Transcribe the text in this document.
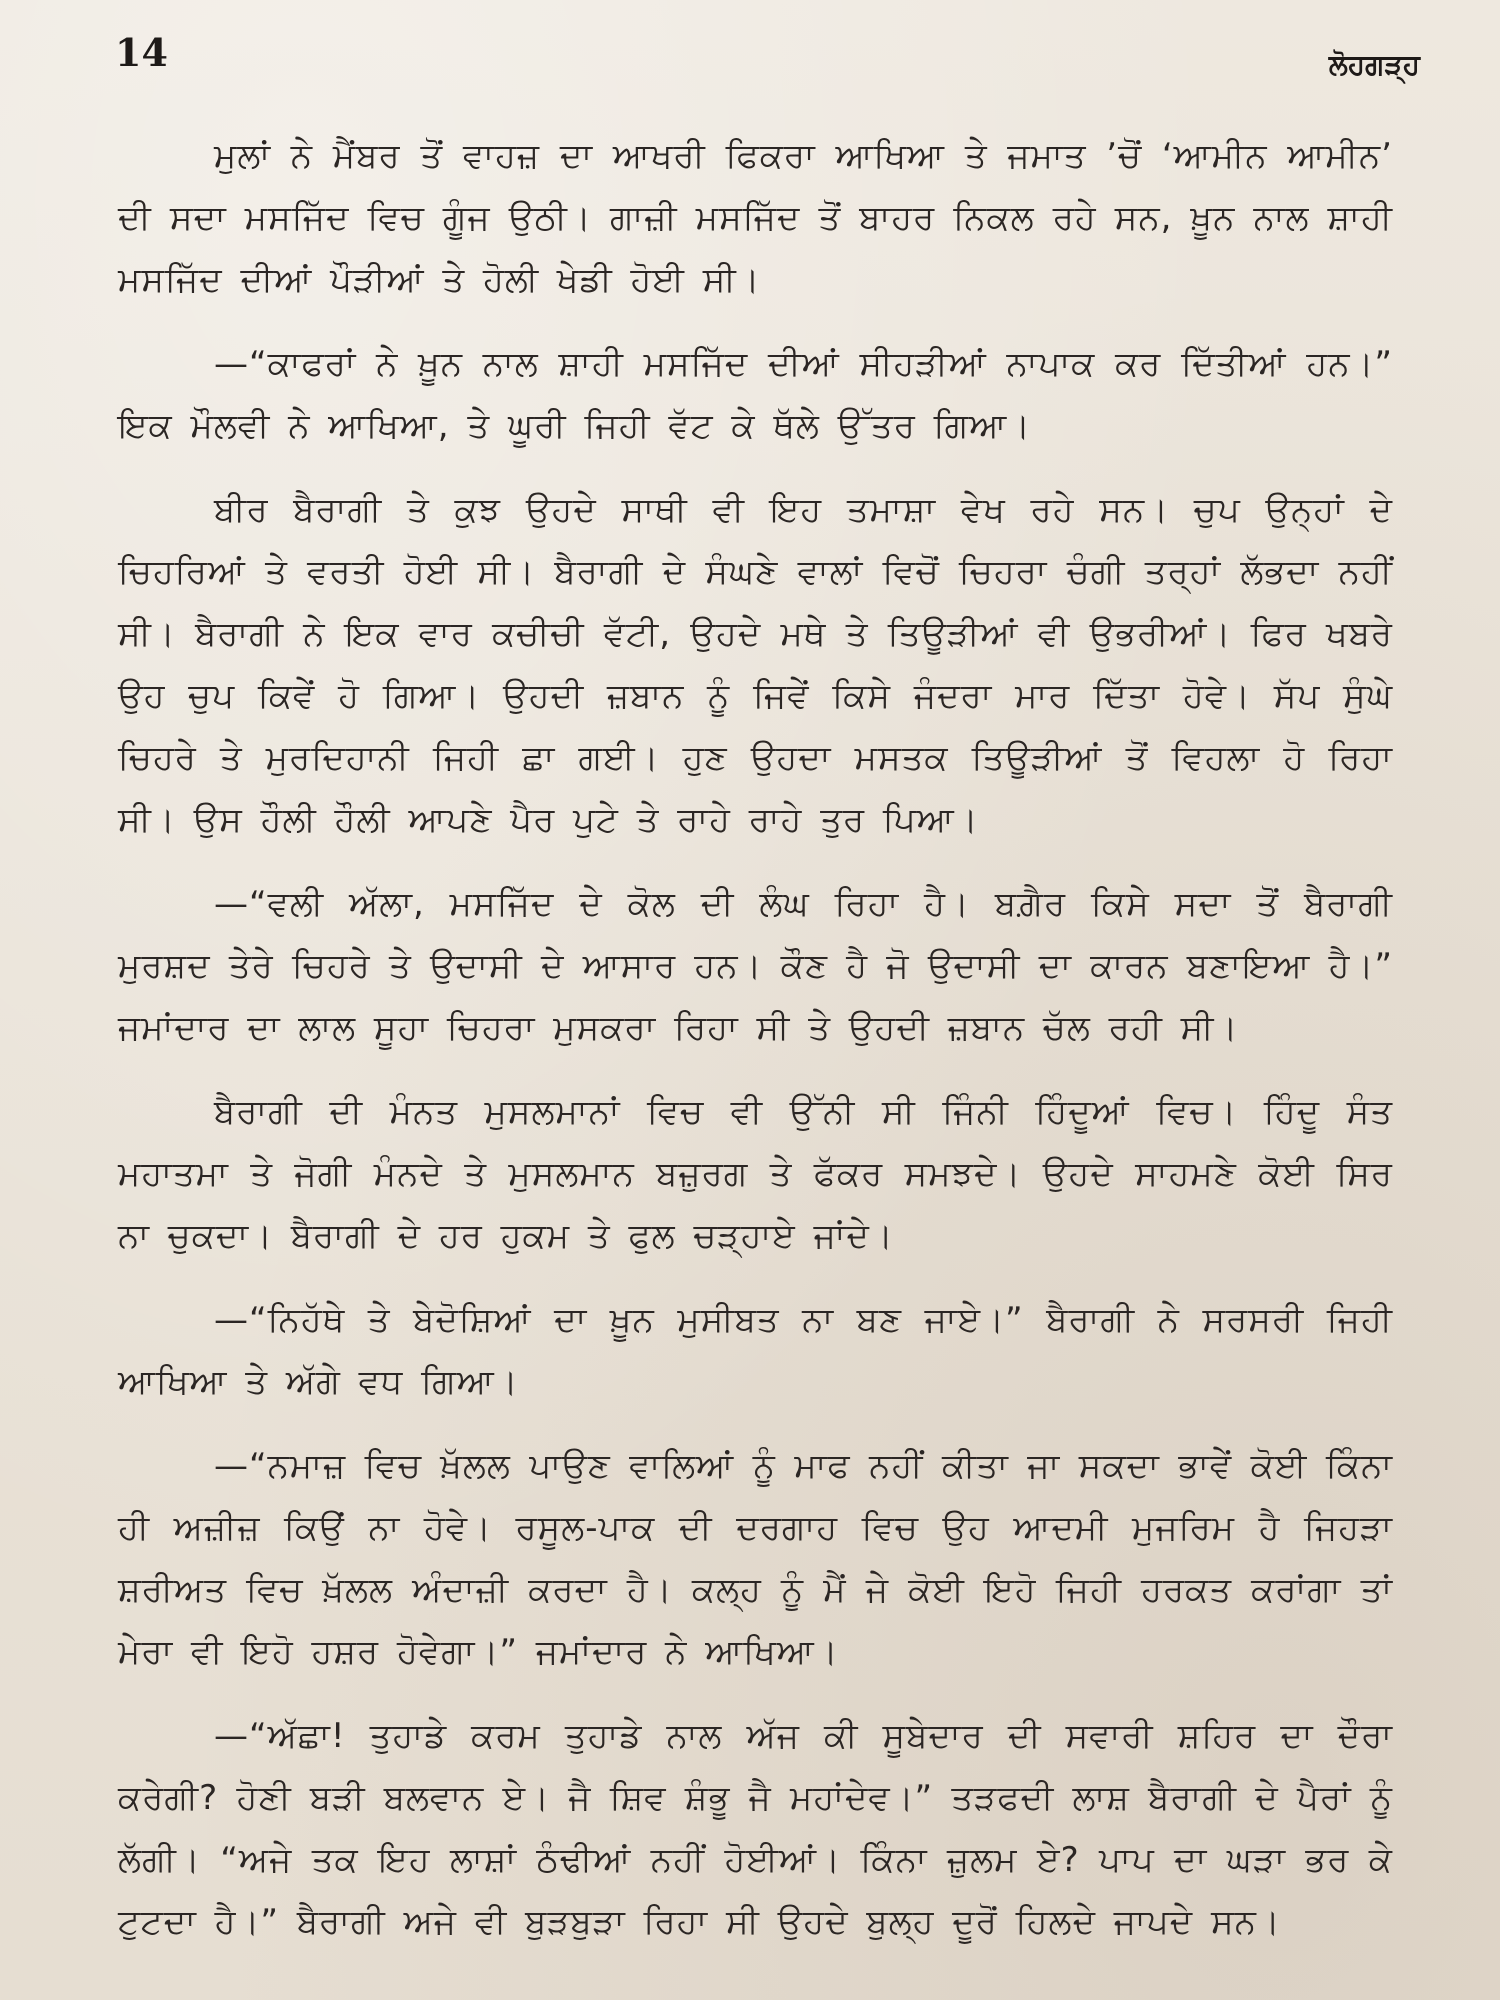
14	ਲੋਹਗੜ੍ਹ

ਮੁਲਾਂ ਨੇ ਮੈਂਬਰ ਤੋਂ ਵਾਹਜ਼ ਦਾ ਆਖਰੀ ਫਿਕਰਾ ਆਖਿਆ ਤੇ ਜਮਾਤ ’ਚੋਂ ‘ਆਮੀਨ ਆਮੀਨ’ ਦੀ ਸਦਾ ਮਸਜਿੱਦ ਵਿਚ ਗੂੰਜ ਉਠੀ। ਗਾਜ਼ੀ ਮਸਜਿੱਦ ਤੋਂ ਬਾਹਰ ਨਿਕਲ ਰਹੇ ਸਨ, ਖ਼ੂਨ ਨਾਲ ਸ਼ਾਹੀ ਮਸਜਿੱਦ ਦੀਆਂ ਪੌੜੀਆਂ ਤੇ ਹੋਲੀ ਖੇਡੀ ਹੋਈ ਸੀ।

—“ਕਾਫਰਾਂ ਨੇ ਖ਼ੂਨ ਨਾਲ ਸ਼ਾਹੀ ਮਸਜਿੱਦ ਦੀਆਂ ਸੀਹੜੀਆਂ ਨਾਪਾਕ ਕਰ ਦਿੱਤੀਆਂ ਹਨ।” ਇਕ ਮੌਲਵੀ ਨੇ ਆਖਿਆ, ਤੇ ਘੂਰੀ ਜਿਹੀ ਵੱਟ ਕੇ ਥੱਲੇ ਉੱਤਰ ਗਿਆ।

ਬੀਰ ਬੈਰਾਗੀ ਤੇ ਕੁਝ ਉਹਦੇ ਸਾਥੀ ਵੀ ਇਹ ਤਮਾਸ਼ਾ ਵੇਖ ਰਹੇ ਸਨ। ਚੁਪ ਉਨ੍ਹਾਂ ਦੇ ਚਿਹਰਿਆਂ ਤੇ ਵਰਤੀ ਹੋਈ ਸੀ। ਬੈਰਾਗੀ ਦੇ ਸੰਘਣੇ ਵਾਲਾਂ ਵਿਚੋਂ ਚਿਹਰਾ ਚੰਗੀ ਤਰ੍ਹਾਂ ਲੱਭਦਾ ਨਹੀਂ ਸੀ। ਬੈਰਾਗੀ ਨੇ ਇਕ ਵਾਰ ਕਚੀਚੀ ਵੱਟੀ, ਉਹਦੇ ਮਥੇ ਤੇ ਤਿਊੜੀਆਂ ਵੀ ਉਭਰੀਆਂ। ਫਿਰ ਖਬਰੇ ਉਹ ਚੁਪ ਕਿਵੇਂ ਹੋ ਗਿਆ। ਉਹਦੀ ਜ਼ਬਾਨ ਨੂੰ ਜਿਵੇਂ ਕਿਸੇ ਜੰਦਰਾ ਮਾਰ ਦਿੱਤਾ ਹੋਵੇ। ਸੱਪ ਸੁੰਘੇ ਚਿਹਰੇ ਤੇ ਮੁਰਦਿਹਾਨੀ ਜਿਹੀ ਛਾ ਗਈ। ਹੁਣ ਉਹਦਾ ਮਸਤਕ ਤਿਊੜੀਆਂ ਤੋਂ ਵਿਹਲਾ ਹੋ ਰਿਹਾ ਸੀ। ਉਸ ਹੌਲੀ ਹੌਲੀ ਆਪਣੇ ਪੈਰ ਪੁਟੇ ਤੇ ਰਾਹੇ ਰਾਹੇ ਤੁਰ ਪਿਆ।

—“ਵਲੀ ਅੱਲਾ, ਮਸਜਿੱਦ ਦੇ ਕੋਲ ਦੀ ਲੰਘ ਰਿਹਾ ਹੈ। ਬਗ਼ੈਰ ਕਿਸੇ ਸਦਾ ਤੋਂ ਬੈਰਾਗੀ ਮੁਰਸ਼ਦ ਤੇਰੇ ਚਿਹਰੇ ਤੇ ਉਦਾਸੀ ਦੇ ਆਸਾਰ ਹਨ। ਕੌਣ ਹੈ ਜੋ ਉਦਾਸੀ ਦਾ ਕਾਰਨ ਬਣਾਇਆ ਹੈ।” ਜਮਾਂਦਾਰ ਦਾ ਲਾਲ ਸੂਹਾ ਚਿਹਰਾ ਮੁਸਕਰਾ ਰਿਹਾ ਸੀ ਤੇ ਉਹਦੀ ਜ਼ਬਾਨ ਚੱਲ ਰਹੀ ਸੀ।

ਬੈਰਾਗੀ ਦੀ ਮੰਨਤ ਮੁਸਲਮਾਨਾਂ ਵਿਚ ਵੀ ਉੱਨੀ ਸੀ ਜਿੰਨੀ ਹਿੰਦੂਆਂ ਵਿਚ। ਹਿੰਦੂ ਸੰਤ ਮਹਾਤਮਾ ਤੇ ਜੋਗੀ ਮੰਨਦੇ ਤੇ ਮੁਸਲਮਾਨ ਬਜ਼ੁਰਗ ਤੇ ਫੱਕਰ ਸਮਝਦੇ। ਉਹਦੇ ਸਾਹਮਣੇ ਕੋਈ ਸਿਰ ਨਾ ਚੁਕਦਾ। ਬੈਰਾਗੀ ਦੇ ਹਰ ਹੁਕਮ ਤੇ ਫੁਲ ਚੜ੍ਹਾਏ ਜਾਂਦੇ।

—“ਨਿਹੱਥੇ ਤੇ ਬੇਦੋਸ਼ਿਆਂ ਦਾ ਖ਼ੂਨ ਮੁਸੀਬਤ ਨਾ ਬਣ ਜਾਏ।” ਬੈਰਾਗੀ ਨੇ ਸਰਸਰੀ ਜਿਹੀ ਆਖਿਆ ਤੇ ਅੱਗੇ ਵਧ ਗਿਆ।

—“ਨਮਾਜ਼ ਵਿਚ ਖ਼ੱਲਲ ਪਾਉਣ ਵਾਲਿਆਂ ਨੂੰ ਮਾਫ ਨਹੀਂ ਕੀਤਾ ਜਾ ਸਕਦਾ ਭਾਵੇਂ ਕੋਈ ਕਿੰਨਾ ਹੀ ਅਜ਼ੀਜ਼ ਕਿਉਂ ਨਾ ਹੋਵੇ। ਰਸੂਲ-ਪਾਕ ਦੀ ਦਰਗਾਹ ਵਿਚ ਉਹ ਆਦਮੀ ਮੁਜਰਿਮ ਹੈ ਜਿਹੜਾ ਸ਼ਰੀਅਤ ਵਿਚ ਖ਼ੱਲਲ ਅੰਦਾਜ਼ੀ ਕਰਦਾ ਹੈ। ਕਲ੍ਹ ਨੂੰ ਮੈਂ ਜੇ ਕੋਈ ਇਹੋ ਜਿਹੀ ਹਰਕਤ ਕਰਾਂਗਾ ਤਾਂ ਮੇਰਾ ਵੀ ਇਹੋ ਹਸ਼ਰ ਹੋਵੇਗਾ।” ਜਮਾਂਦਾਰ ਨੇ ਆਖਿਆ।

—“ਅੱਛਾ! ਤੁਹਾਡੇ ਕਰਮ ਤੁਹਾਡੇ ਨਾਲ ਅੱਜ ਕੀ ਸੂਬੇਦਾਰ ਦੀ ਸਵਾਰੀ ਸ਼ਹਿਰ ਦਾ ਦੌਰਾ ਕਰੇਗੀ? ਹੋਣੀ ਬੜੀ ਬਲਵਾਨ ਏ। ਜੈ ਸ਼ਿਵ ਸ਼ੰਭੂ ਜੈ ਮਹਾਂਦੇਵ।” ਤੜਫਦੀ ਲਾਸ਼ ਬੈਰਾਗੀ ਦੇ ਪੈਰਾਂ ਨੂੰ ਲੱਗੀ। “ਅਜੇ ਤਕ ਇਹ ਲਾਸ਼ਾਂ ਠੰਢੀਆਂ ਨਹੀਂ ਹੋਈਆਂ। ਕਿੰਨਾ ਜ਼ੁਲਮ ਏ? ਪਾਪ ਦਾ ਘੜਾ ਭਰ ਕੇ ਟੁਟਦਾ ਹੈ।” ਬੈਰਾਗੀ ਅਜੇ ਵੀ ਬੁੜਬੁੜਾ ਰਿਹਾ ਸੀ ਉਹਦੇ ਬੁਲ੍ਹ ਦੂਰੋਂ ਹਿਲਦੇ ਜਾਪਦੇ ਸਨ।
